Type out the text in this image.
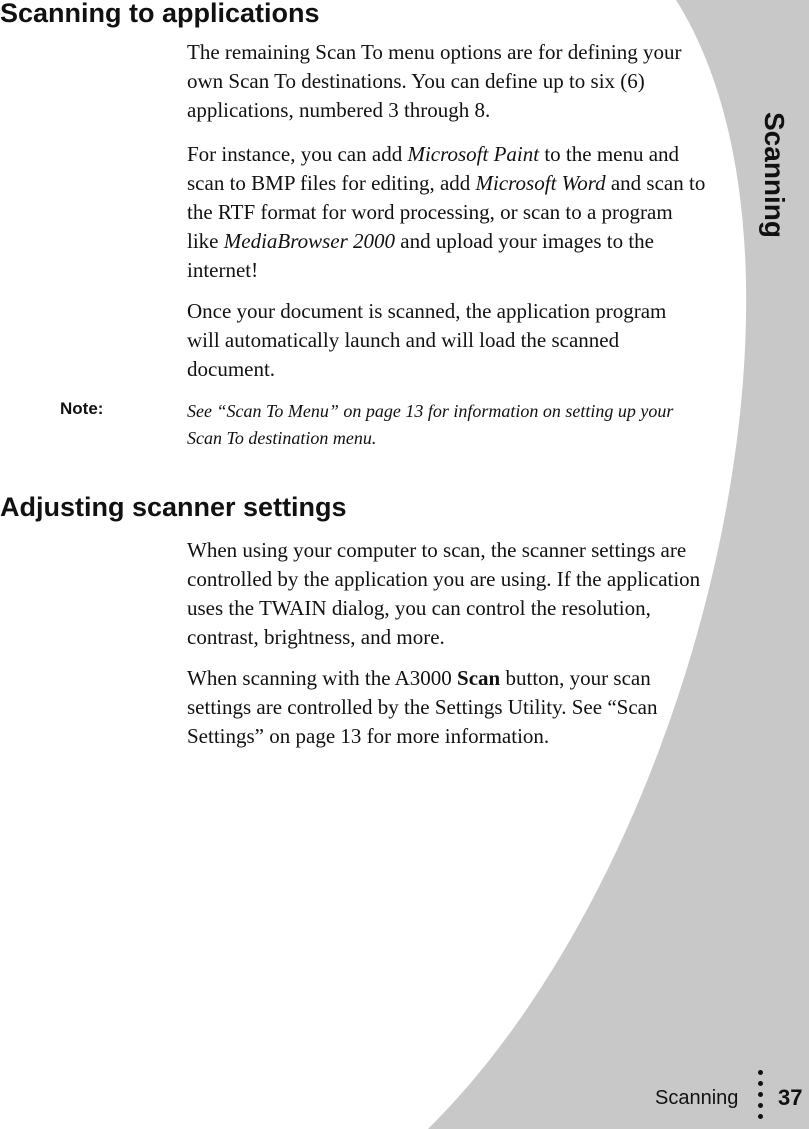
Scanning
Scanning to applications

The remaining Scan To menu options are for defining your own Scan To destinations. You can define up to six (6) applications, numbered 3 through 8.

For instance, you can add Microsoft Paint to the menu and scan to BMP files for editing, add Microsoft Word and scan to the RTF format for word processing, or scan to a program like MediaBrowser 2000 and upload your images to the internet!

Once your document is scanned, the application program will automatically launch and will load the scanned document.

Note:	See “Scan To Menu” on page 13 for information on setting up your Scan To destination menu.

Adjusting scanner settings

When using your computer to scan, the scanner settings are controlled by the application you are using. If the application uses the TWAIN dialog, you can control the resolution, contrast, brightness, and more.

When scanning with the A3000 Scan button, your scan settings are controlled by the Settings Utility. See “Scan Settings” on page 13 for more information.

Scanning 37
